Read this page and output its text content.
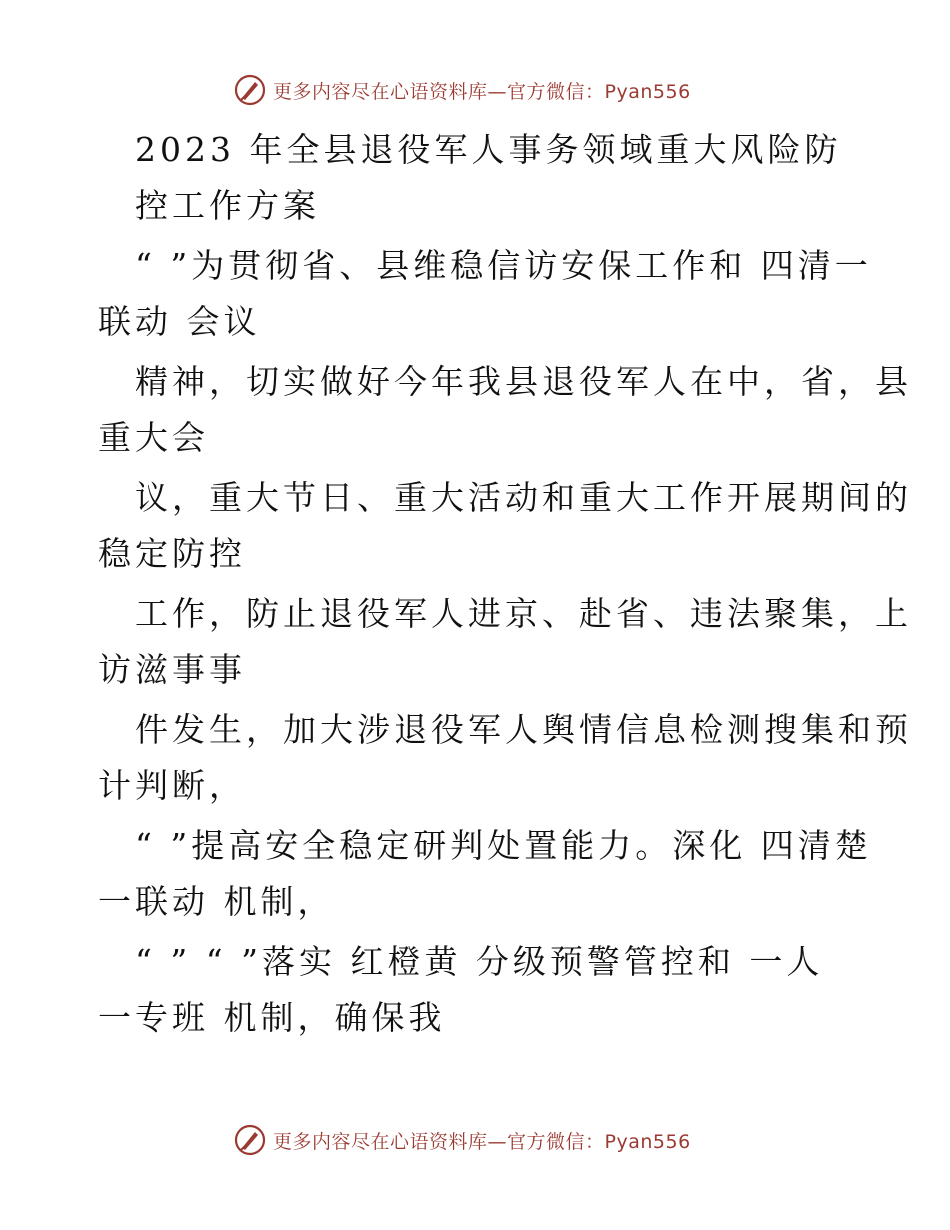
更多内容尽在心语资料库—官方微信：Pyan556
2023 年全县退役军人事务领域重大风险防
控工作方案
“ ”为贯彻省、县维稳信访安保工作和 四清一
联动 会议
精神，切实做好今年我县退役军人在中，省，县
重大会
议，重大节日、重大活动和重大工作开展期间的
稳定防控
工作，防止退役军人进京、赴省、违法聚集，上
访滋事事
件发生，加大涉退役军人舆情信息检测搜集和预
计判断，
“ ”提高安全稳定研判处置能力。深化 四清楚
一联动 机制，
“ ” “ ”落实 红橙黄 分级预警管控和 一人
一专班 机制，确保我
更多内容尽在心语资料库—官方微信：Pyan556
